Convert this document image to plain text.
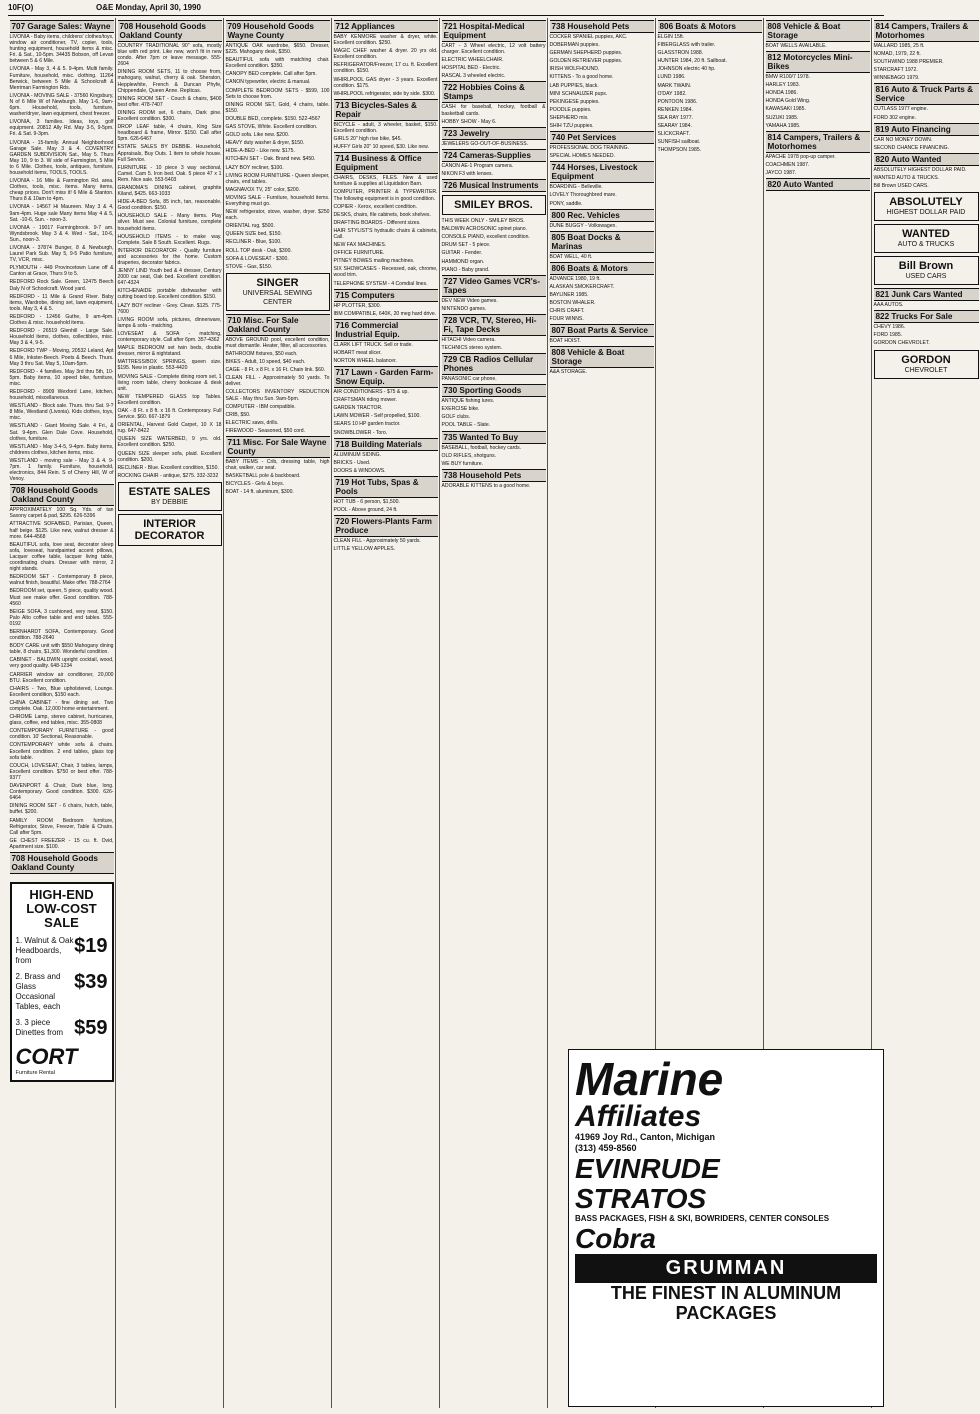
10F(O)	O&E Monday, April 30, 1990
707 Garage Sales: Wayne
LIVONIA - Baby items, childrens' clothes/toys, window air conditioner, TV, copier, tools, hunting equipment, household items & misc. Fri. & Sat., 10-5pm. 34435 Bobson, off Levan between 5 & 6 Mile.
LIVONIA - May 3, 4 & 5. 9-4pm. Multi family. Furniture, household, misc. clothing. 11264 Berwick, between 5 Mile & Schoolcraft & Merriman Farmington Rds.
LIVONIA - MOVING SALE - 37560 Kingsbury, N of 6 Mile W of Newburgh. May 1-6, 9am-6pm. Household, tools, furniture, washer/dryer, lawn equipment, chest freezer.
LIVONIA, 3 families. Ideas, toys, golf equipment. 20812 Ally Rd. May 3-5, 9-5pm. Fri. & Sat. 9-3pm.
LIVONIA - 15-family. Annual Neighborhood Garage Sale. May 3 & 4. COVENTRY GARDEN SUBDIVISION Sat., May 5. Thurs May 10, 9 to 3. W side of Farmington, 5 Mile to 6 Mile. Clothes, tools, antiques, furniture, household items, TOOLS, TOOLS.
LIVONIA - 16 Mile & Farmington Rd. area. Clothes, tools, misc. items. Many items, cheap prices. Don't miss it! 6 Mile & Stanton. Thurs 8 & 10am to 4pm.
LIVONIA - 14567 Hi Maureen. May 3 & 4, 9am-4pm. Huge sale Many items May 4 & 5, Sat. -10-6, Sun. - noon-3.
LIVONIA - 19017 Farmingbrook. 9-7 am. Wyndsbrook. May 3 & 4. Wed - Sat., 10-6, Sun., noon-3.
LIVONIA - 37874 Bunger, 8 & Newburgh, Laurel Park Sub. May 5, 9-5 Patio furniture, TV, VCR, misc.
PLYMOUTH - 449 Provincetown Lane off & Canton at Grace, Thurs 9 to 5.
REDFORD Rock Sale. Green, 12475 Beech Daly N of Schoolcraft. Wood yard.
REDFORD - 11 Mile & Grand River. Baby items, Wardrobe, dining set, lawn equipment, tools. May 3, 4 & 5.
REDFORD - 12456 Guthe, 9 am-4pm. Clothes & misc. household items.
REDFORD - 26519 Glenhill - Large Sale. Household items, clothes, collectibles, misc. May 3 & 4, 9-5.
REDFORD TWP - Moving, 20532 Leland, Apt 6 Mile, Inkster-Beech. Poets & Beech. Thurs. May 3 thru Sat. May 5, 10am-5pm.
REDFORD - 4 families. May 3rd thru 5th, 10-5pm. Baby items, 10 speed bike, furniture, misc.
REDFORD - 8909 Wexford Lane, kitchen, household, miscellaneous.
WESTLAND - Block sale. Thurs. thru Sat. 9-? 8 Mile, Westland (Livonia). Kids clothes, toys, misc.
WESTLAND - Giant Moving Sale. 4 Fri., & Sat. 9-4pm. Glen Dale Cove. Household, clothes, furniture.
WESTLAND - May 3-4-5, 9-4pm. Baby items, childrens clothes, kitchen items, misc.
WESTLAND - moving sale - May 3 & 4. 9-7pm. 1 family. Furniture, household, electronics, 844 Rein. S of Cherry Hill, W of Venoy.
708 Household Goods Oakland County
APPROXIMATELY 100 Sq. Yds. of tan Saxony carpet & pad, $295. 626-5396
ATTRACTIVE SOFA/BED, Parisian, Queen, half beige. $125. Like new, walnut dresser & more. 644-4568
BEAUTIFUL sofa, love seat, decorator sleep sofa, loveseat, handpainted accent pillows, Lacquer coffee table, lacquer living table, coordinating chairs. Dresser with mirror, 2 night stands.
BEDROOM SET - Contemporary 8 piece, walnut finish, beautiful. Make offer. 788-2764
BEDROOM set, queen, 5 piece, quality wood. Must see make offer. Good condition. 788-4560
BEIGE SOFA, 3 cushioned, very neat, $150. Palo Alto coffee table and end tables. 555-0192
BERNHARDT SOFA, Contemporary. Good condition. 788-2640
BODY CARE unit with $550 Mahogany dining table, 8 chairs, $1,300. Wonderful condition.
CABINET - BALDWIN upright cocktail, wood, very good quality. 648-1234
CARRIER window air conditioner, 20,000 BTU. Excellent condition.
CHAIRS - Two, Blue upholstered, Lounge. Excellent condition, $150 each.
CHINA CABINET - fine dining set. Two complete. Oak. 12,000 home entertainment.
CHROME Lamp, stereo cabinet, hurricanes, glass, coffee, end tables, misc. 355-0808
CONTEMPORARY FURNITURE - good condition. 10' Sectional, Reasonable.
CONTEMPORARY white sofa & chairs. Excellent condition. 2 end tables, glass top sofa table.
COUCH, LOVESEAT, Chair, 3 tables, lamps, Excellent condition. $750 or best offer. 788-9377
DAVENPORT & Chair, Dark blue, long. Contemporary. Good condition. $300. 626-6464
DINING ROOM SET - 6 chairs, hutch, table, buffet. $200.
FAMILY ROOM Bedroom furniture, Refrigerator, Stove, Freezer, Table & Chairs. Call after 5pm.
GE CHEST FREEZER - 15 cu. ft. Ovid, Apartment size. $100.
708 Household Goods Oakland County
HIGH-END LOW-COST SALE
1. Walnut & Oak Headboards, from
$19
2. Brass and Glass Occasional Tables, each
$39
3. 3 piece Dinettes from $59
CORT
Furniture Rental
708 Household Goods Oakland County
COUNTRY TRADITIONAL 90" sofa, mostly blue with red print. Like new, won't fit in new condo. After 7pm or leave message. 555-2604
DINING ROOM SETS, 11 to choose from, mahogany, walnut, cherry & oak. Sheraton, Hepplewhite, French & Duncan Phyfe, Chippendale, Queen Anne. Replicas.
DINING ROOM SET - Couch & chairs, $400 best offer. 478-7407
DINING ROOM set, 6 chairs, Dark pine. Excellent condition. $300.
DROP LEAF table, 4 chairs, King Size headboard & frame, Mirror. $150. Call after 5pm. 626-6467
ESTATE SALES BY DEBBIE. Household, Appraisals, Buy Outs. 1 item to whole house. Full Service.
FURNITURE - 10 piece 3 way sectional, Camel. Cam 5. Iron bed. Oak. 5 piece 47 x 1 Rem. Nice sale. 553-5403
GRANDMA'S DINING cabinet, graphite Kiland, $425. 663-1033
HIDE-A-BED Sofa, 85 inch, tan, reasonable. Good condition. $150.
HOUSEHOLD SALE - Many items. Play silver. Must see. Colonial furniture, complete household items.
HOUSEHOLD ITEMS - to make way. Complete. Sale 8 South. Excellent. Rugs.
INTERIOR DECORATOR - Quality furniture and accessories for the home. Custom draperies, decorator fabrics.
JENNY LIND Youth bed & 4 dresser, Century 2000 car seat, Oak bed. Excellent condition. 647-4324
KITCHENAIDE portable dishwasher with cutting board top. Excellent condition. $150.
LAZY BOY recliner - Grey. Clean. $125. 775-7600
LIVING ROOM sofa, pictures, dinnerware, lamps & sofa - matching.
LOVESEAT & SOFA - matching, contemporary style. Call after 6pm. 357-4362
MAPLE BEDROOM set twin beds, double dresser, mirror & nightstand.
MATTRESS/BOX SPRINGS, queen size. $195. New in plastic. 553-4420
MOVING SALE - Complete dining room set, 1 living room table, cherry bookcase & desk unit.
NEW TEMPERED GLASS top Tables. Excellent condition.
OAK - 8 Ft. x 8 ft. x 16 ft. Contemporary. Full Service. $60. 667-1879
ORIENTAL, Harvest Gold Carpet, 10 X 18 rug. 647-8422
QUEEN SIZE WATERBED, 9 yrs. old. Excellent condition. $250.
QUEEN SIZE sleeper sofa, plaid. Excellent condition. $200.
RECLINER - Blue. Excellent condition, $150.
ROCKING CHAIR - antique, $275. 332-3232
ESTATE SALES
BY DEBBIE
INTERIOR DECORATOR
709 Household Goods Wayne County
ANTIQUE OAK wardrobe, $650. Dresser, $225. Mahogany desk, $350.
BEAUTIFUL sofa with matching chair. Excellent condition. $350.
CANOPY BED complete. Call after 5pm.
CANON typewriter, electric & manual.
COMPLETE BEDROOM SETS - $599, 100 Sets to choose from.
DINING ROOM SET, Gold, 4 chairs, table. $150.
DOUBLE BED, complete. $150. 522-4567
GAS STOVE, White. Excellent condition.
GOLD sofa. Like new. $200.
HEAVY duty washer & dryer, $150.
HIDE-A-BED - Like new. $175.
KITCHEN SET - Oak. Brand new. $450.
LAZY BOY recliner, $100.
LIVING ROOM FURNITURE - Queen sleeper, chairs, end tables.
MAGNAVOX TV, 25" color, $200.
MOVING SALE - Furniture, household items. Everything must go.
NEW refrigerator, stove, washer, dryer. $250 each.
ORIENTAL rug, $500.
QUEEN SIZE bed, $150.
RECLINER - Blue, $100.
ROLL TOP desk - Oak, $300.
SOFA & LOVESEAT - $300.
STOVE - Gas, $150.
SINGER
UNIVERSAL SEWING CENTER
710 Misc. For Sale Oakland County
ABOVE GROUND pool, excellent condition, must dismantle. Heater, filter, all accessories.
BATHROOM fixtures, $50 each.
BIKES - Adult, 10 speed, $40 each.
CAGE - 8 Ft. x 8 Ft. x 16 Ft. Chain link. $60.
CLEAN FILL - Approximately 50 yards. To deliver.
COLLECTORS INVENTORY REDUCTION SALE - May thru Sun. 9am-5pm.
COMPUTER - IBM compatible.
CRIB, $50.
ELECTRIC saws, drills.
FIREWOOD - Seasoned, $50 cord.
711 Misc. For Sale Wayne County
BABY ITEMS - Crib, dressing table, high chair, walker, car seat.
BASKETBALL pole & backboard.
BICYCLES - Girls & boys.
BOAT - 14 ft. aluminum, $300.
712 Appliances
BABY KENMORE washer & dryer, white. Excellent condition. $250.
MAGIC CHEF washer & dryer. 20 yrs old. Excellent condition.
REFRIGERATOR/Freezer, 17 cu. ft. Excellent condition. $150.
WHIRLPOOL GAS dryer - 3 years. Excellent condition. $175.
WHIRLPOOL refrigerator, side by side. $300.
713 Bicycles-Sales & Repair
BICYCLE - adult, 3 wheeler, basket, $150. Excellent condition.
GIRLS 20" high rise bike, $45.
HUFFY Girls 20" 10 speed, $30. Like new.
714 Business & Office Equipment
CHAIRS, DESKS, FILES. New & used furniture & supplies at Liquidation Barn.
COMPUTER, PRINTER & TYPEWRITER. The following equipment is in good condition.
COPIER - Xerox, excellent condition.
DESKS, chairs, file cabinets, book shelves.
DRAFTING BOARDS - Different sizes.
HAIR STYLIST'S hydraulic chairs & cabinets, Call.
NEW FAX MACHINES.
OFFICE FURNITURE.
PITNEY BOWES mailing machines.
SIX SHOWCASES - Recessed, oak, chrome, wood trim.
TELEPHONE SYSTEM - 4 Comdial lines.
715 Computers
HP PLOTTER, $300.
IBM COMPATIBLE, 640K, 20 meg hard drive.
716 Commercial Industrial Equip.
CLARK LIFT TRUCK. Sell or trade.
HOBART meat slicer.
NORTON WHEEL balancer.
717 Lawn - Garden Farm-Snow Equip.
AIR CONDITIONERS - $75 & up.
CRAFTSMAN riding mower.
GARDEN TRACTOR.
LAWN MOWER - Self propelled, $100.
SEARS 10 HP garden tractor.
SNOWBLOWER - Toro.
718 Building Materials
ALUMINUM SIDING.
BRICKS - Used.
DOORS & WINDOWS.
719 Hot Tubs, Spas & Pools
HOT TUB - 6 person, $1,500.
POOL - Above ground, 24 ft.
720 Flowers-Plants Farm Produce
CLEAN FILL - Approximately 50 yards.
LITTLE YELLOW APPLES.
721 Hospital-Medical Equipment
CART - 3 Wheel electric, 12 volt battery charger. Excellent condition.
ELECTRIC WHEELCHAIR.
HOSPITAL BED - Electric.
RASCAL 3 wheeled electric.
722 Hobbies Coins & Stamps
CASH for baseball, hockey, football & basketball cards.
HOBBY SHOW - May 6.
723 Jewelry
JEWELERS GO-OUT-OF-BUSINESS.
724 Cameras-Supplies
CANON AE-1 Program camera.
NIKON F3 with lenses.
726 Musical Instruments
SMILEY BROS.
THIS WEEK ONLY - SMILEY BROS.
BALDWIN ACROSONIC spinet piano.
CONSOLE PIANO, excellent condition.
DRUM SET - 5 piece.
GUITAR - Fender.
HAMMOND organ.
PIANO - Baby grand.
727 Video Games VCR's-Tapes
DEV NEW Video games.
NINTENDO games.
728 VCR, TV, Stereo, Hi-Fi, Tape Decks
HITACHI Video camera.
TECHNICS stereo system.
729 CB Radios Cellular Phones
PANASONIC car phone.
730 Sporting Goods
ANTIQUE fishing lures.
EXERCISE bike.
GOLF clubs.
POOL TABLE - Slate.
735 Wanted To Buy
BASEBALL, football, hockey cards.
OLD RIFLES, shotguns.
WE BUY furniture.
738 Household Pets
ADORABLE KITTENS to a good home.
738 Household Pets
COCKER SPANIEL puppies, AKC.
DOBERMAN puppies.
GERMAN SHEPHERD puppies.
GOLDEN RETRIEVER puppies.
IRISH WOLFHOUND.
KITTENS - To a good home.
LAB PUPPIES, black.
MINI SCHNAUZER pups.
PEKINGESE puppies.
POODLE puppies.
SHEPHERD mix.
SHIH TZU puppies.
740 Pet Services
PROFESSIONAL DOG TRAINING.
SPECIAL HOMES NEEDED.
744 Horses, Livestock Equipment
BOARDING - Belleville.
LOVELY Thoroughbred mare.
PONY, saddle.
800 Rec. Vehicles
DUNE BUGGY - Volkswagen.
805 Boat Docks & Marinas
BOAT WELL, 40 ft.
806 Boats & Motors
ADVANCE 1980, 19 ft.
ALASKAN SMOKERCRAFT.
BAYLINER 1985.
BOSTON WHALER.
CHRIS CRAFT.
FOUR WINNS.
807 Boat Parts & Service
BOAT HOIST.
808 Vehicle & Boat Storage
A&A STORAGE.
806 Boats & Motors
ELGIN 15ft.
FIBERGLASS with trailer.
GLASSTRON 1988.
HUNTER 1984, 20 ft. Sailboat.
JOHNSON electric 40 hp.
LUND 1986.
MARK TWAIN.
O'DAY 1982.
PONTOON 1986.
RENKEN 1984.
SEA RAY 1977.
SEARAY 1984.
SLICKCRAFT.
SUNFISH sailboat.
THOMPSON 1985.
808 Vehicle & Boat Storage
BOAT WELLS AVAILABLE.
812 Motorcycles Mini-Bikes
BMW R100/7 1978.
HARLEY 1983.
HONDA 1986.
HONDA Gold Wing.
KAWASAKI 1985.
SUZUKI 1985.
YAMAHA 1985.
814 Campers, Trailers & Motorhomes
APACHE 1978 pop-up camper.
COACHMEN 1987.
JAYCO 1987.
820 Auto Wanted
814 Campers, Trailers & Motorhomes
MALLARD 1985, 25 ft.
NOMAD, 1979, 22 ft.
SOUTHWIND 1988 PREMIER.
STARCRAFT 1972.
WINNEBAGO 1979.
816 Auto & Truck Parts & Service
CUTLASS 1977 engine.
FORD 302 engine.
819 Auto Financing
CAR NO MONEY DOWN.
SECOND CHANCE FINANCING.
820 Auto Wanted
ABSOLUTELY HIGHEST DOLLAR PAID.
WANTED AUTO & TRUCKS.
Bill Brown USED CARS.
ABSOLUTELY
HIGHEST DOLLAR PAID
WANTED
AUTO & TRUCKS
Bill Brown
USED CARS
821 Junk Cars Wanted
AAA AUTOS.
822 Trucks For Sale
CHEVY 1986.
FORD 1985.
GORDON CHEVROLET.
GORDON
CHEVROLET
Marine
Affiliates
41969 Joy Rd., Canton, Michigan
(313) 459-8560
EVINRUDE
STRATOS
BASS PACKAGES, FISH & SKI, BOWRIDERS, CENTER CONSOLES
Cobra
GRUMMAN
THE FINEST IN ALUMINUM PACKAGES
